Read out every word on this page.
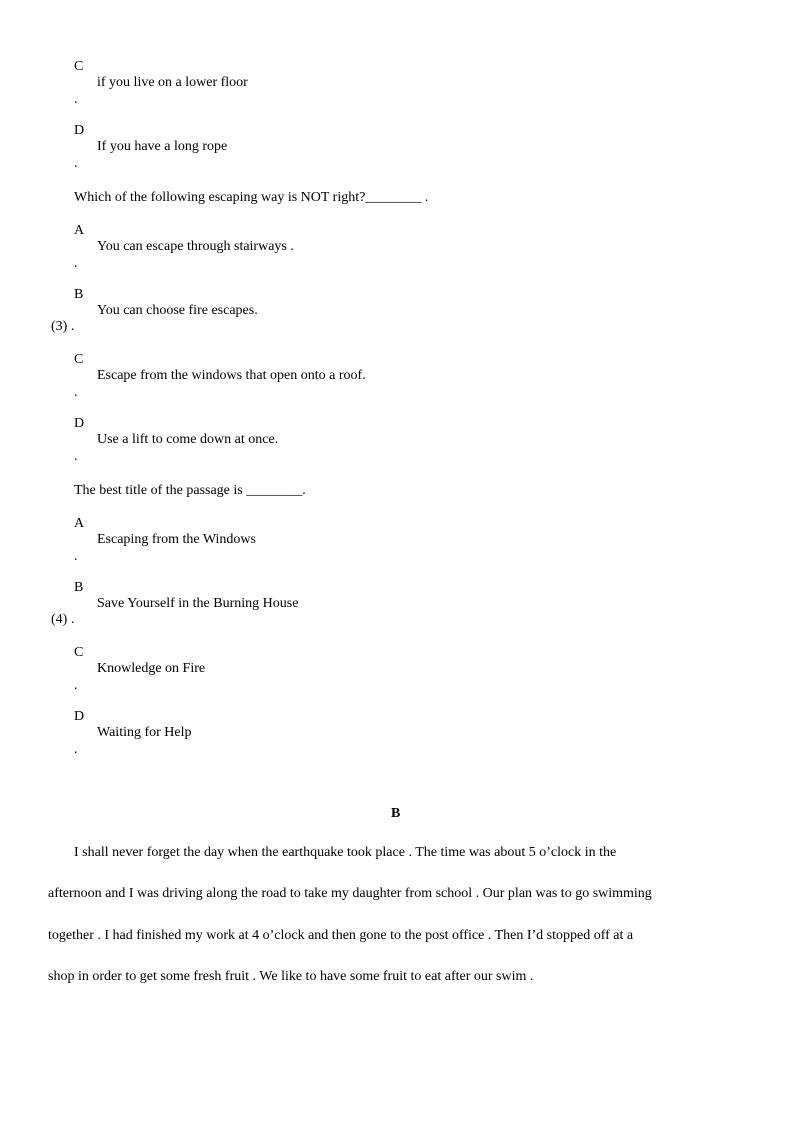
C
if you live on a lower floor
.
D
If you have a long rope
.
Which of the following escaping way is NOT right?________ .
A
You can escape through stairways .
.
B
You can choose fire escapes.
(3) .
C
Escape from the windows that open onto a roof.
.
D
Use a lift to come down at once.
.
The best title of the passage is ________.
A
Escaping from the Windows
.
B
Save Yourself in the Burning House
(4) .
C
Knowledge on Fire
.
D
Waiting for Help
.
B
I shall never forget the day when the earthquake took place . The time was about 5 o’clock in the
afternoon and I was driving along the road to take my daughter from school . Our plan was to go swimming
together . I had finished my work at 4 o’clock and then gone to the post office . Then I’d stopped off at a
shop in order to get some fresh fruit . We like to have some fruit to eat after our swim .
